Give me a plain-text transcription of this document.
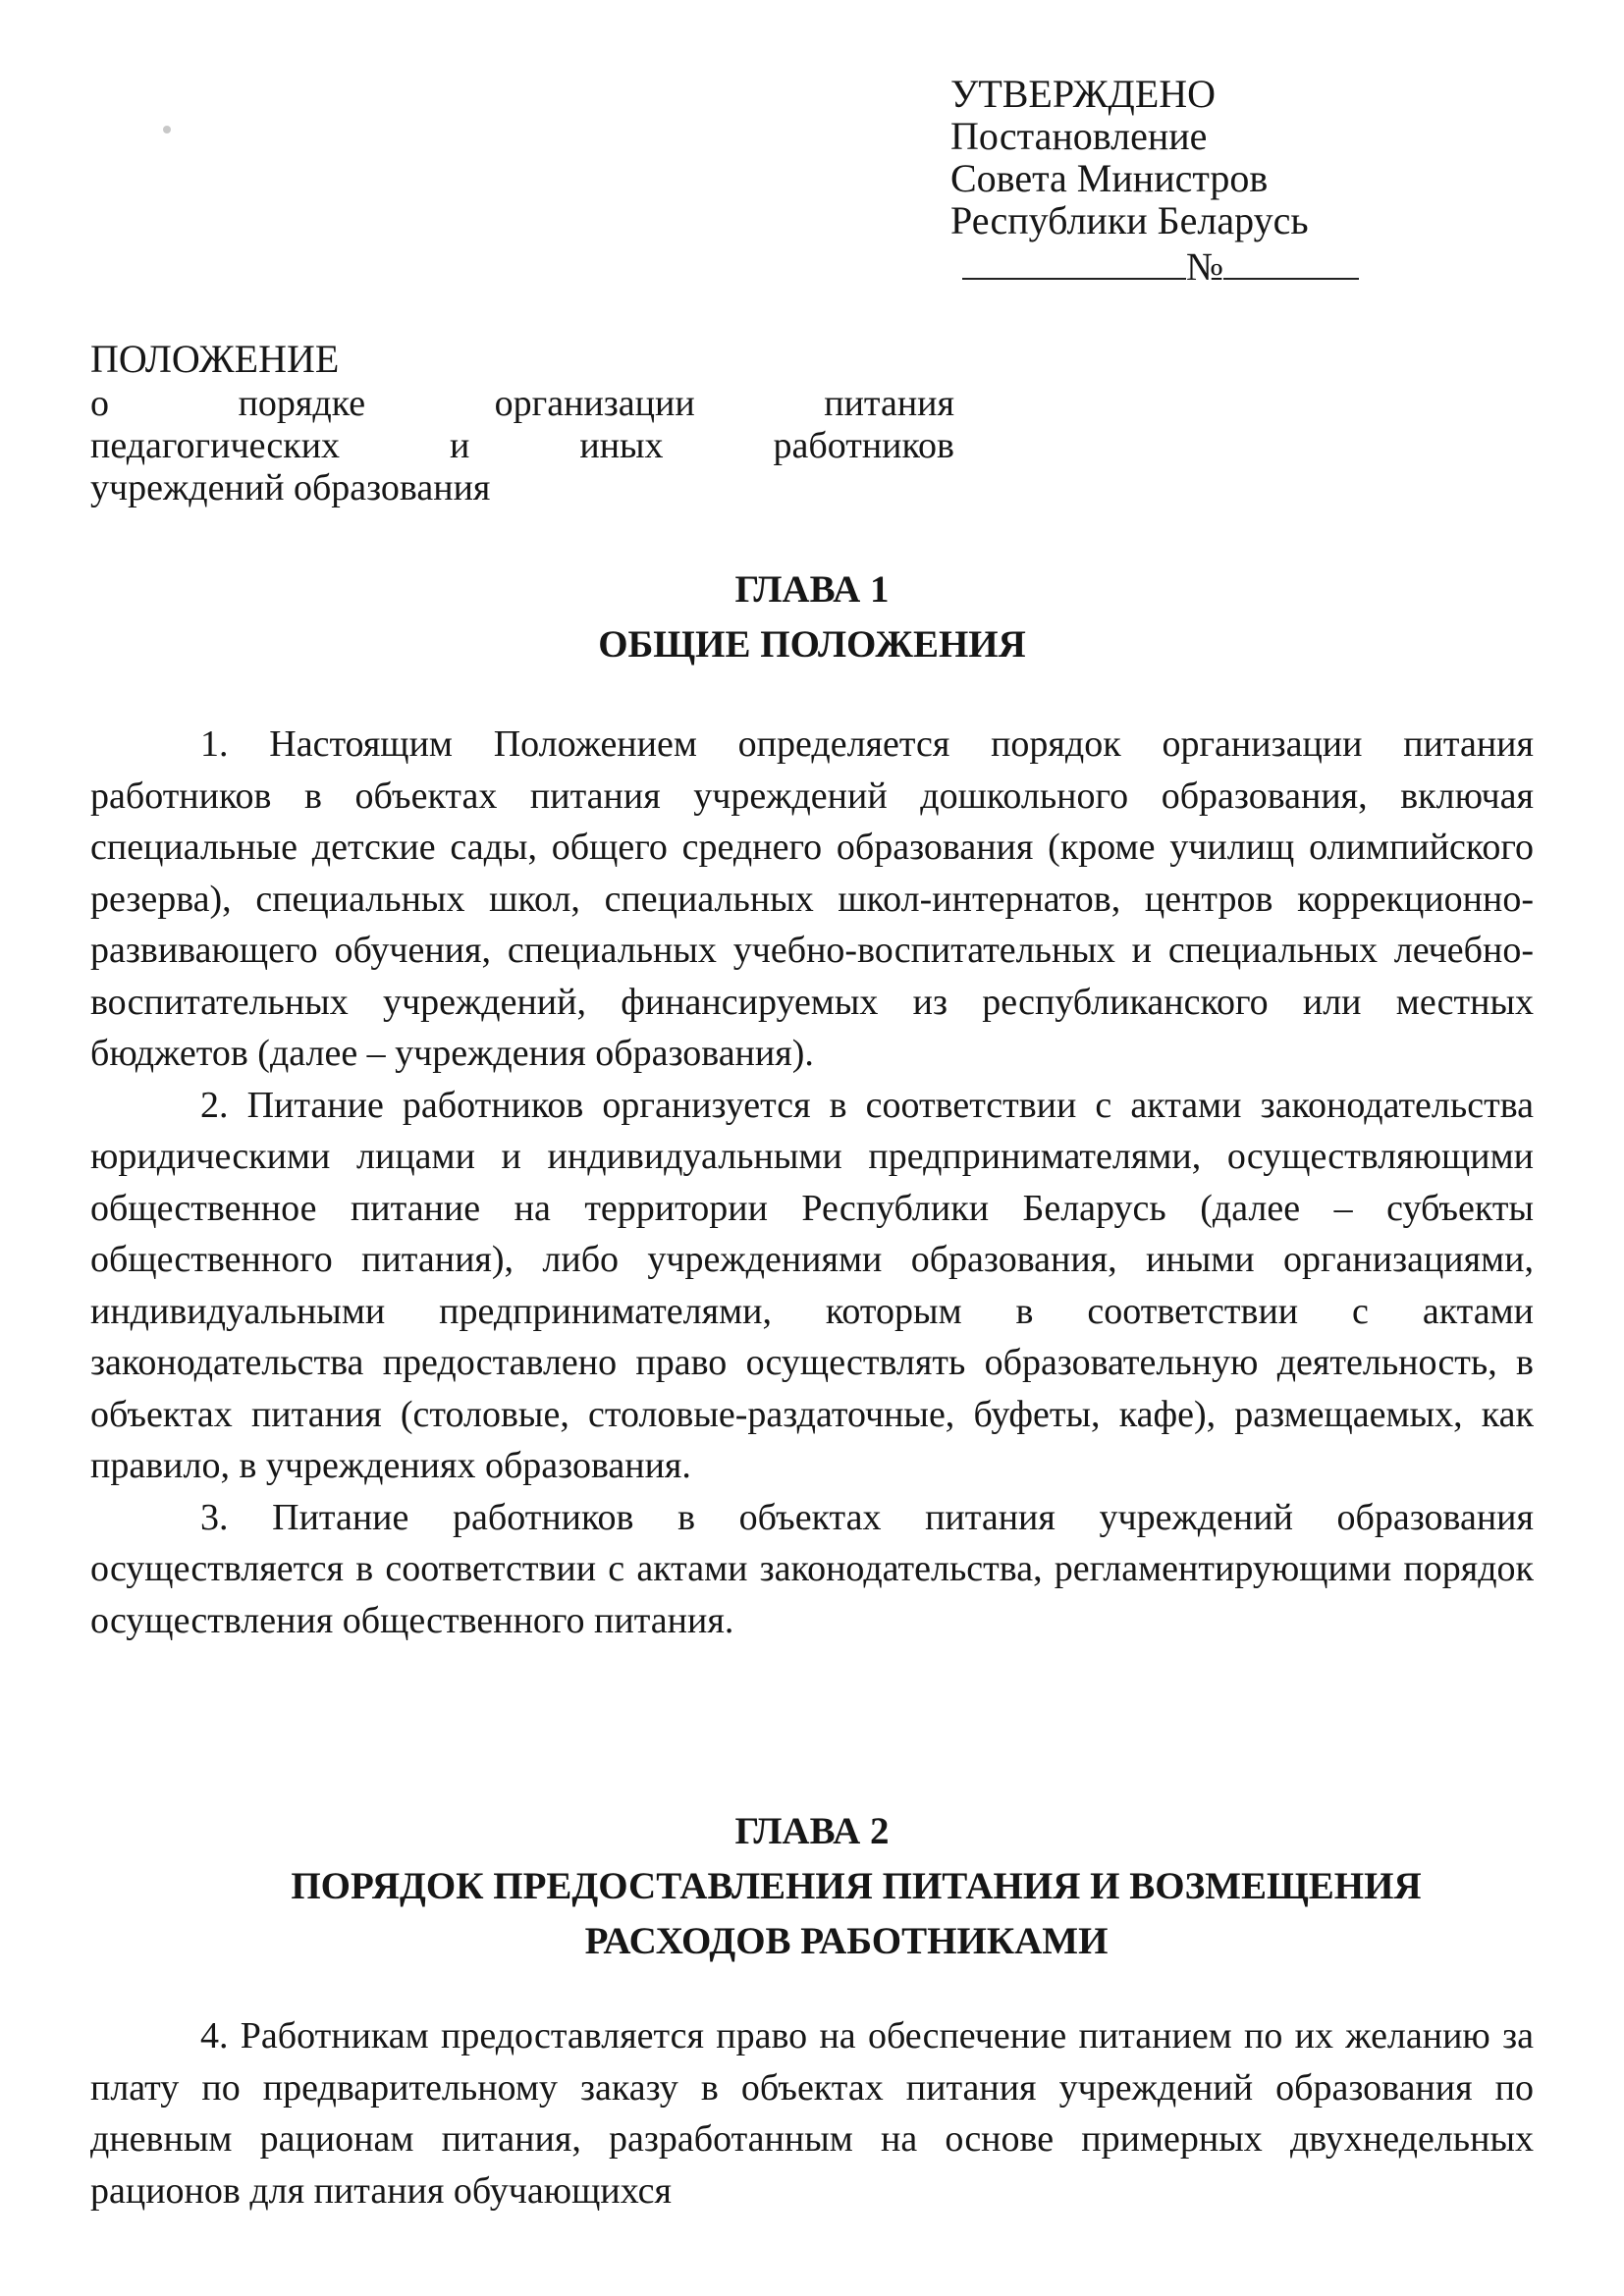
УТВЕРЖДЕНО
Постановление
Совета Министров
Республики Беларусь
№
ПОЛОЖЕНИЕ
о порядке организации питания
педагогических и иных работников
учреждений образования
ГЛАВА 1
ОБЩИЕ ПОЛОЖЕНИЯ

1. Настоящим Положением определяется порядок организации питания работников в объектах питания учреждений дошкольного образования, включая специальные детские сады, общего среднего образования (кроме училищ олимпийского резерва), специальных школ, специальных школ-интернатов, центров коррекционно-развивающего обучения, специальных учебно-воспитательных и специальных лечебно-воспитательных учреждений, финансируемых из республиканского или местных бюджетов (далее – учреждения образования).

2. Питание работников организуется в соответствии с актами законодательства юридическими лицами и индивидуальными предпринимателями, осуществляющими общественное питание на территории Республики Беларусь (далее – субъекты общественного питания), либо учреждениями образования, иными организациями, индивидуальными предпринимателями, которым в соответствии с актами законодательства предоставлено право осуществлять образовательную деятельность, в объектах питания (столовые, столовые-раздаточные, буфеты, кафе), размещаемых, как правило, в учреждениях образования.

3. Питание работников в объектах питания учреждений образования осуществляется в соответствии с актами законодательства, регламентирующими порядок осуществления общественного питания.

ГЛАВА 2
ПОРЯДОК ПРЕДОСТАВЛЕНИЯ ПИТАНИЯ И ВОЗМЕЩЕНИЯ
РАСХОДОВ РАБОТНИКАМИ

4. Работникам предоставляется право на обеспечение питанием по их желанию за плату по предварительному заказу в объектах питания учреждений образования по дневным рационам питания, разработанным на основе примерных двухнедельных рационов для питания обучающихся
